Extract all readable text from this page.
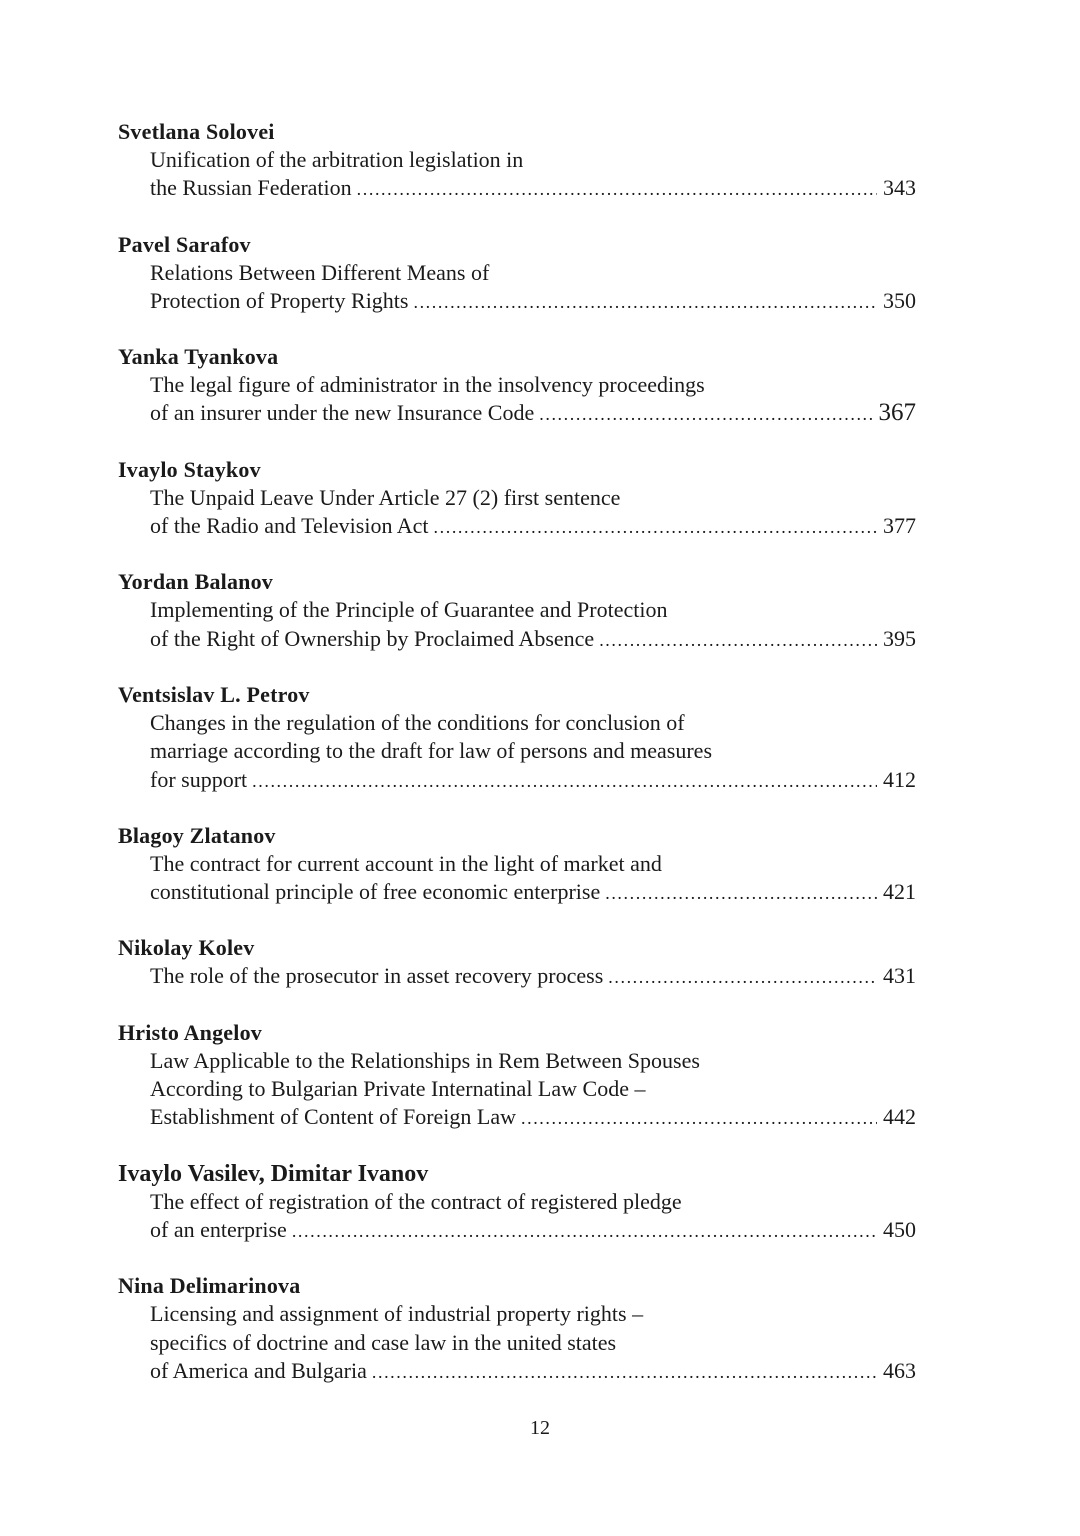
Svetlana Solovei
Unification of the arbitration legislation in
the Russian Federation .....	343
Pavel Sarafov
Relations Between Different Means of
Protection of Property Rights .....	350
Yanka Tyankova
The legal figure of administrator in the insolvency proceedings
of an insurer under the new Insurance Code .....	367
Ivaylo Staykov
The Unpaid Leave Under Article 27 (2) first sentence
of the Radio and Television Act .....	377
Yordan Balanov
Implementing of the Principle of Guarantee and Protection
of the Right of Ownership by Proclaimed Absence .....	395
Ventsislav L. Petrov
Changes in the regulation of the conditions for conclusion of
marriage according to the draft for law of persons and measures
for support .....	412
Blagoy Zlatanov
The contract for current account in the light of market and
constitutional principle of free economic enterprise .....	421
Nikolay Kolev
The role of the prosecutor in asset recovery process .....	431
Hristo Angelov
Law Applicable to the Relationships in Rem Between Spouses
According to Bulgarian Private Internatinal Law Code –
Establishment of Content of Foreign Law .....	442
Ivaylo Vasilev, Dimitar Ivanov
The effect of registration of the contract of registered pledge
of an enterprise .....	450
Nina Delimarinova
Licensing and assignment of industrial property rights –
specifics of doctrine and case law in the united states
of America and Bulgaria .....	463
12
